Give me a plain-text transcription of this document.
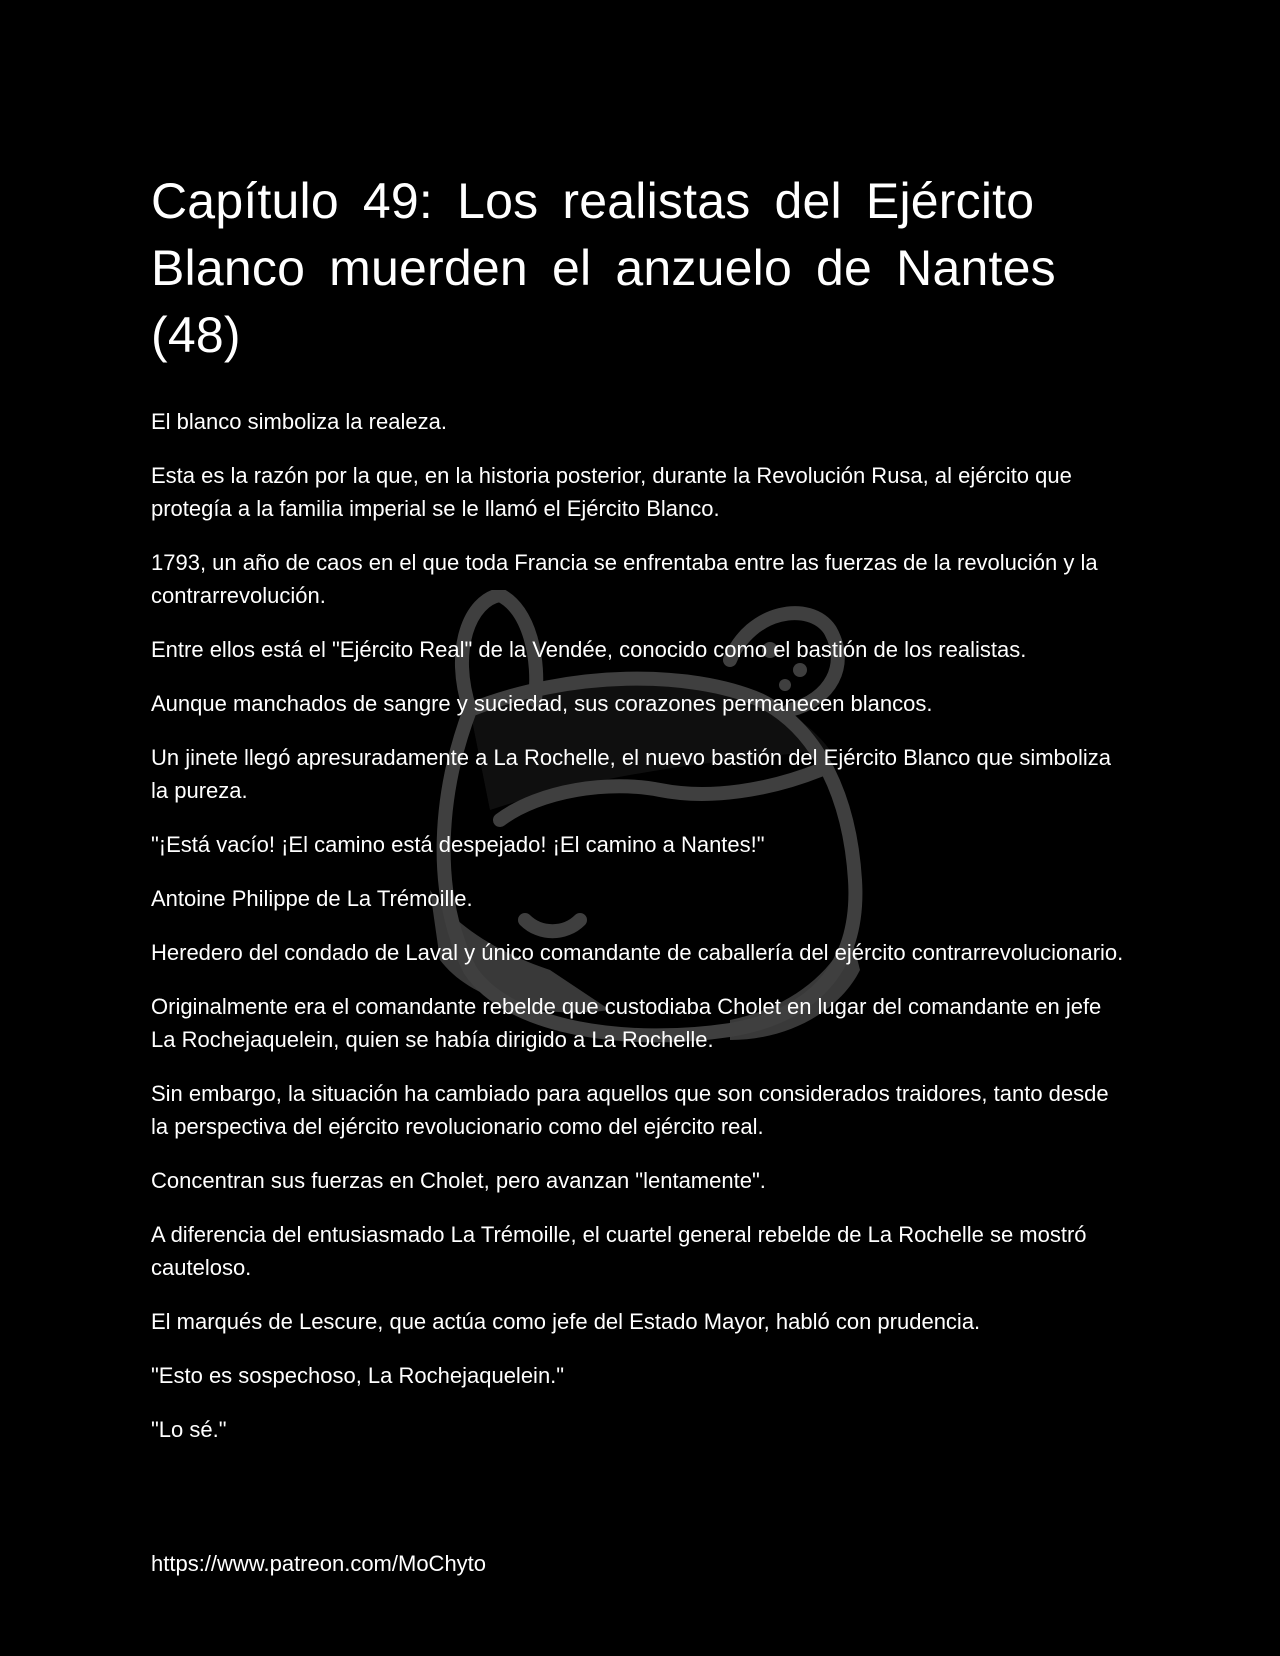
Capítulo 49: Los realistas del Ejército Blanco muerden el anzuelo de Nantes (48)

El blanco simboliza la realeza.

Esta es la razón por la que, en la historia posterior, durante la Revolución Rusa, al ejército que protegía a la familia imperial se le llamó el Ejército Blanco.

1793, un año de caos en el que toda Francia se enfrentaba entre las fuerzas de la revolución y la contrarrevolución.

Entre ellos está el "Ejército Real" de la Vendée, conocido como el bastión de los realistas.

Aunque manchados de sangre y suciedad, sus corazones permanecen blancos.

Un jinete llegó apresuradamente a La Rochelle, el nuevo bastión del Ejército Blanco que simboliza la pureza.

"¡Está vacío! ¡El camino está despejado! ¡El camino a Nantes!"

Antoine Philippe de La Trémoille.

Heredero del condado de Laval y único comandante de caballería del ejército contrarrevolucionario.

Originalmente era el comandante rebelde que custodiaba Cholet en lugar del comandante en jefe La Rochejaquelein, quien se había dirigido a La Rochelle.

Sin embargo, la situación ha cambiado para aquellos que son considerados traidores, tanto desde la perspectiva del ejército revolucionario como del ejército real.

Concentran sus fuerzas en Cholet, pero avanzan "lentamente".

A diferencia del entusiasmado La Trémoille, el cuartel general rebelde de La Rochelle se mostró cauteloso.

El marqués de Lescure, que actúa como jefe del Estado Mayor, habló con prudencia.

"Esto es sospechoso, La Rochejaquelein."

"Lo sé."

https://www.patreon.com/MoChyto
